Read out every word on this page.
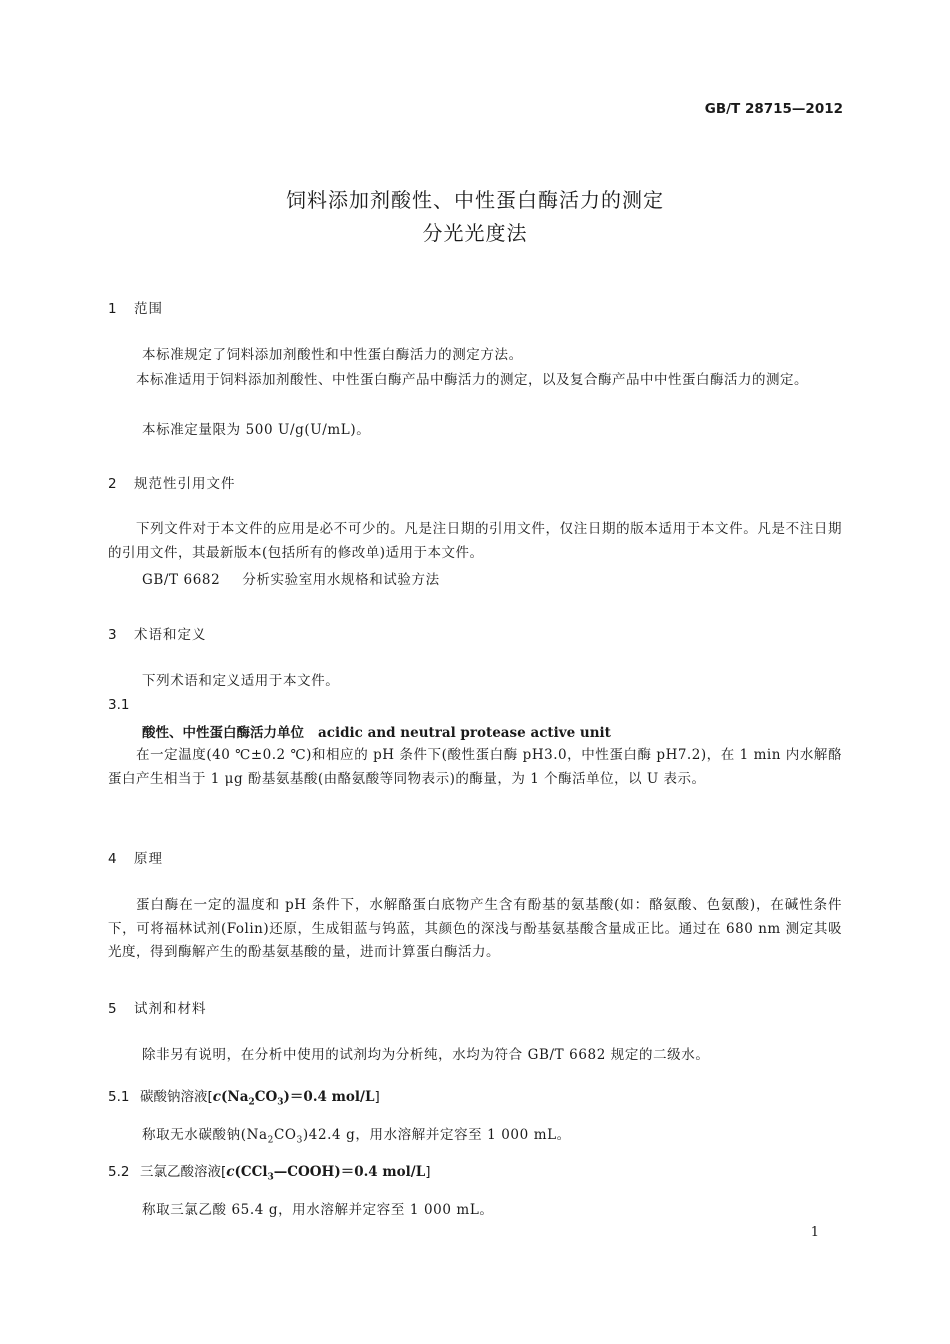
GB/T 28715—2012
饲料添加剂酸性、中性蛋白酶活力的测定
分光光度法
1 范围
本标准规定了饲料添加剂酸性和中性蛋白酶活力的测定方法。
本标准适用于饲料添加剂酸性、中性蛋白酶产品中酶活力的测定，以及复合酶产品中中性蛋白酶活力的测定。
本标准定量限为 500 U/g(U/mL)。
2 规范性引用文件
下列文件对于本文件的应用是必不可少的。凡是注日期的引用文件，仅注日期的版本适用于本文件。凡是不注日期的引用文件，其最新版本(包括所有的修改单)适用于本文件。
GB/T 6682 分析实验室用水规格和试验方法
3 术语和定义
下列术语和定义适用于本文件。
3.1
酸性、中性蛋白酶活力单位 acidic and neutral protease active unit
在一定温度(40 ℃±0.2 ℃)和相应的 pH 条件下(酸性蛋白酶 pH3.0，中性蛋白酶 pH7.2)，在 1 min 内水解酪蛋白产生相当于 1 μg 酚基氨基酸(由酪氨酸等同物表示)的酶量，为 1 个酶活单位，以 U 表示。
4 原理
蛋白酶在一定的温度和 pH 条件下，水解酪蛋白底物产生含有酚基的氨基酸(如：酪氨酸、色氨酸)，在碱性条件下，可将福林试剂(Folin)还原，生成钼蓝与钨蓝，其颜色的深浅与酚基氨基酸含量成正比。通过在 680 nm 测定其吸光度，得到酶解产生的酚基氨基酸的量，进而计算蛋白酶活力。
5 试剂和材料
除非另有说明，在分析中使用的试剂均为分析纯，水均为符合 GB/T 6682 规定的二级水。
5.1 碳酸钠溶液[$c(Na_2CO_3)=0.4$ mol/L]
称取无水碳酸钠$(Na_2CO_3)42.4$ g，用水溶解并定容至 1 000 mL。
5.2 三氯乙酸溶液[c(CCl$_3$—COOH)＝0.4 mol/L]
称取三氯乙酸 65.4 g，用水溶解并定容至 1 000 mL。
1
